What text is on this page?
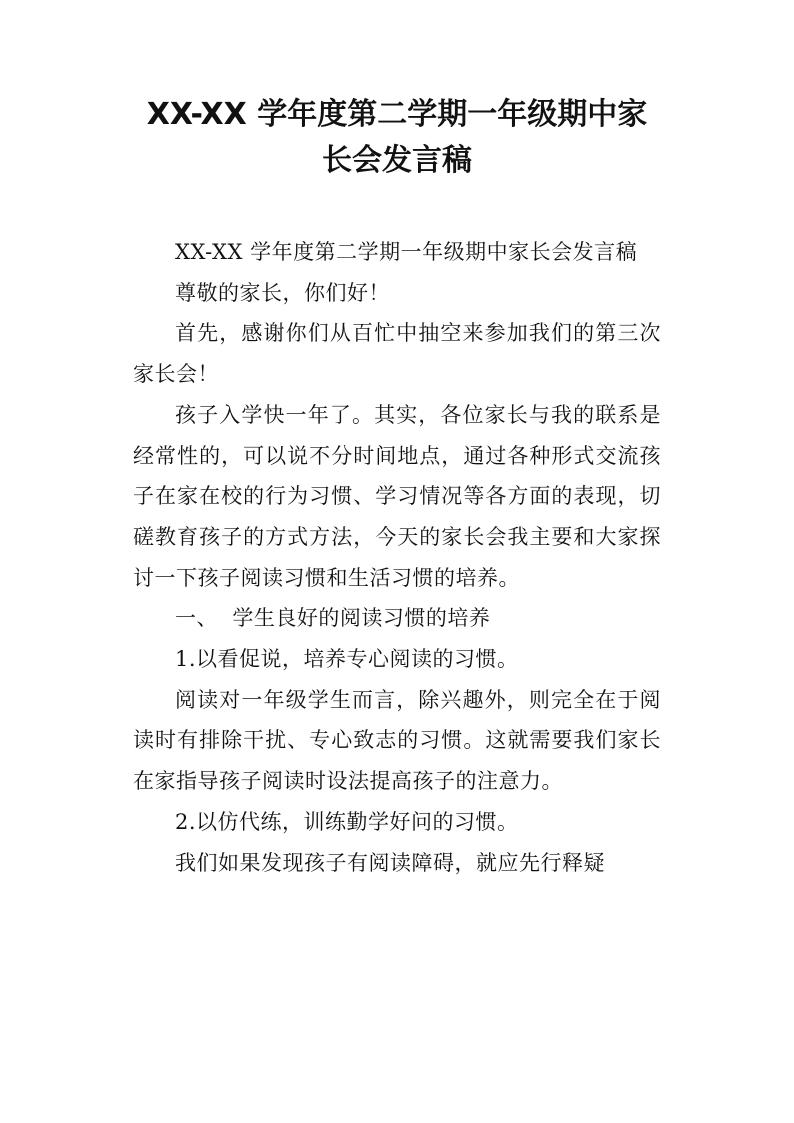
XX-XX 学年度第二学期一年级期中家
长会发言稿

XX-XX 学年度第二学期一年级期中家长会发言稿

尊敬的家长，你们好！

首先，感谢你们从百忙中抽空来参加我们的第三次家长会！

孩子入学快一年了。其实，各位家长与我的联系是经常性的，可以说不分时间地点，通过各种形式交流孩子在家在校的行为习惯、学习情况等各方面的表现，切磋教育孩子的方式方法，今天的家长会我主要和大家探讨一下孩子阅读习惯和生活习惯的培养。

一、  学生良好的阅读习惯的培养

1.以看促说，培养专心阅读的习惯。

阅读对一年级学生而言，除兴趣外，则完全在于阅读时有排除干扰、专心致志的习惯。这就需要我们家长在家指导孩子阅读时设法提高孩子的注意力。

2.以仿代练，训练勤学好问的习惯。

我们如果发现孩子有阅读障碍，就应先行释疑
